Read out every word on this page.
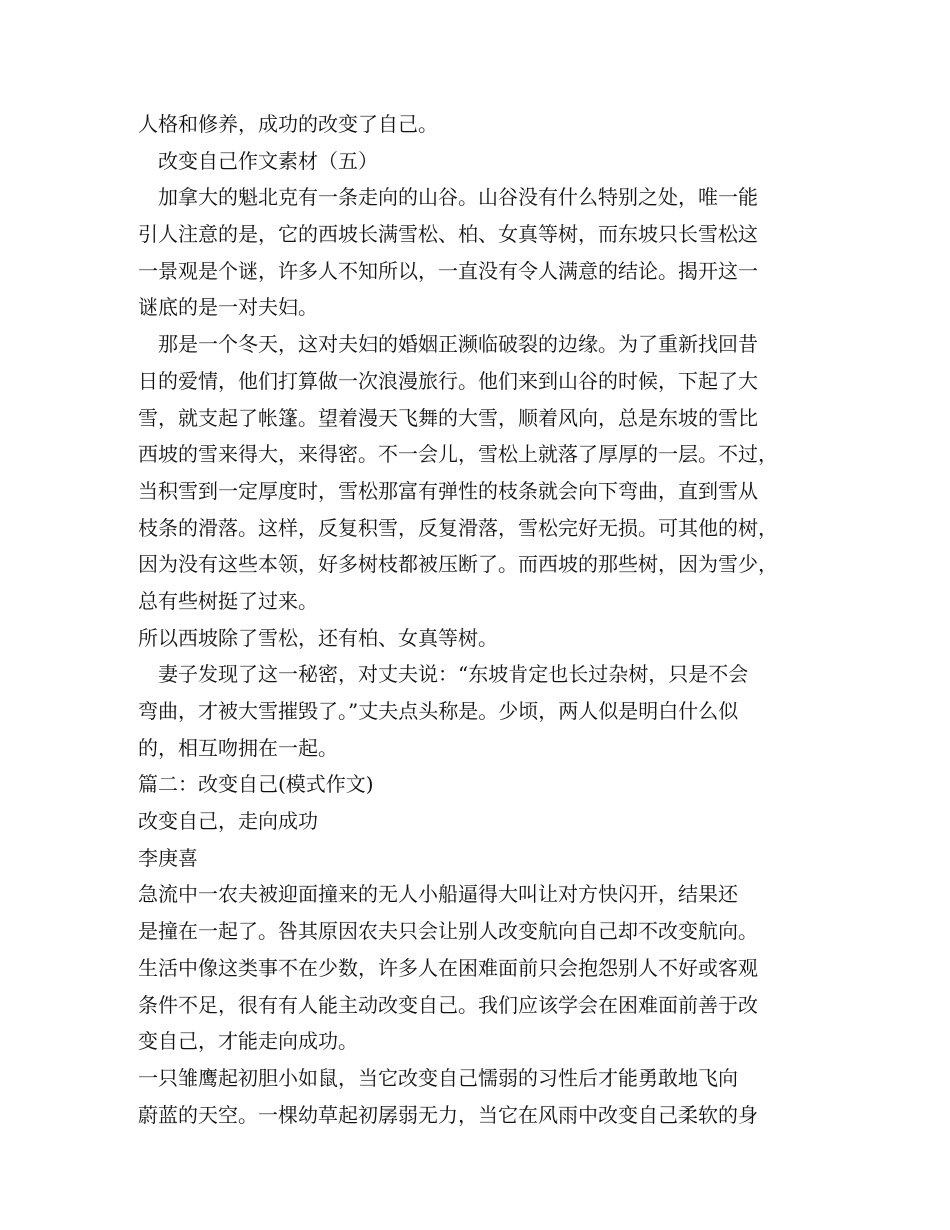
人格和修养，成功的改变了自己。
　改变自己作文素材（五）
　加拿大的魁北克有一条走向的山谷。山谷没有什么特别之处，唯一能
引人注意的是，它的西坡长满雪松、柏、女真等树，而东坡只长雪松这
一景观是个谜，许多人不知所以，一直没有令人满意的结论。揭开这一
谜底的是一对夫妇。
　那是一个冬天，这对夫妇的婚姻正濒临破裂的边缘。为了重新找回昔
日的爱情，他们打算做一次浪漫旅行。他们来到山谷的时候，下起了大
雪，就支起了帐篷。望着漫天飞舞的大雪，顺着风向，总是东坡的雪比
西坡的雪来得大，来得密。不一会儿，雪松上就落了厚厚的一层。不过，
当积雪到一定厚度时，雪松那富有弹性的枝条就会向下弯曲，直到雪从
枝条的滑落。这样，反复积雪，反复滑落，雪松完好无损。可其他的树，
因为没有这些本领，好多树枝都被压断了。而西坡的那些树，因为雪少，
总有些树挺了过来。
所以西坡除了雪松，还有柏、女真等树。
　妻子发现了这一秘密，对丈夫说：“东坡肯定也长过杂树，只是不会
弯曲，才被大雪摧毁了。”丈夫点头称是。少顷，两人似是明白什么似
的，相互吻拥在一起。
篇二：改变自己(模式作文)
改变自己，走向成功
李庚喜
急流中一农夫被迎面撞来的无人小船逼得大叫让对方快闪开，结果还
是撞在一起了。咎其原因农夫只会让别人改变航向自己却不改变航向。
生活中像这类事不在少数，许多人在困难面前只会抱怨别人不好或客观
条件不足，很有有人能主动改变自己。我们应该学会在困难面前善于改
变自己，才能走向成功。
一只雏鹰起初胆小如鼠，当它改变自己懦弱的习性后才能勇敢地飞向
蔚蓝的天空。一棵幼草起初孱弱无力，当它在风雨中改变自己柔软的身
